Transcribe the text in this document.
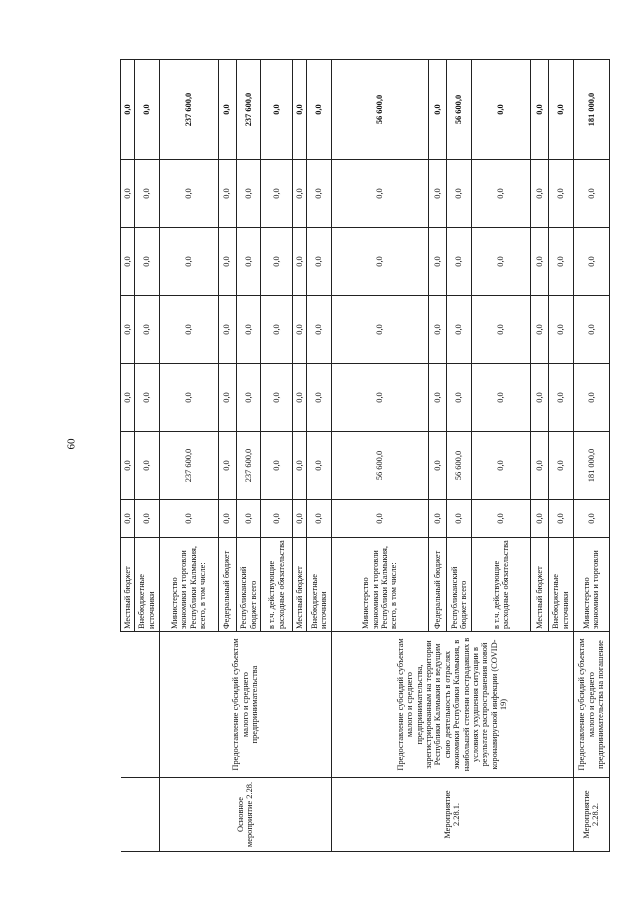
60
		Местный бюджет	0,0	0,0	0,0	0,0	0,0	0,0	0,0
		Внебюджетные источники	0,0	0,0	0,0	0,0	0,0	0,0	0,0
Основное мероприятие 2.28.	Предоставление субсидий субъектам малого и среднего предпринимательства	Министерство экономики и торговли Республики Калмыкия, всего, в том числе:	0,0	237 600,0	0,0	0,0	0,0	0,0	237 600,0
		Федеральный бюджет	0,0	0,0	0,0	0,0	0,0	0,0	0,0
		Республиканский бюджет всего	0,0	237 600,0	0,0	0,0	0,0	0,0	237 600,0
		в т.ч. действующие расходные обязательства	0,0	0,0	0,0	0,0	0,0	0,0	0,0
		Местный бюджет	0,0	0,0	0,0	0,0	0,0	0,0	0,0
		Внебюджетные источники	0,0	0,0	0,0	0,0	0,0	0,0	0,0
Мероприятие 2.28.1.	Предоставление субсидий субъектам малого и среднего предпринимательства, зарегистрированным на территории Республики Калмыкия и ведущим свою деятельность в отраслях экономики Республики Калмыкия, в наибольшей степени пострадавших в условиях ухудшения ситуации в результате распространения новой коронавирусной инфекции (COVID-19)	Министерство экономики и торговли Республики Калмыкия, всего, в том числе:	0,0	56 600,0	0,0	0,0	0,0	0,0	56 600,0
		Федеральный бюджет	0,0	0,0	0,0	0,0	0,0	0,0	0,0
		Республиканский бюджет всего	0,0	56 600,0	0,0	0,0	0,0	0,0	56 600,0
		в т.ч. действующие расходные обязательства	0,0	0,0	0,0	0,0	0,0	0,0	0,0
		Местный бюджет	0,0	0,0	0,0	0,0	0,0	0,0	0,0
		Внебюджетные источники	0,0	0,0	0,0	0,0	0,0	0,0	0,0
Мероприятие 2.28.2.	Предоставление субсидий субъектам малого и среднего предпринимательства на погашение	Министерство экономики и торговли	0,0	181 000,0	0,0	0,0	0,0	0,0	181 000,0
